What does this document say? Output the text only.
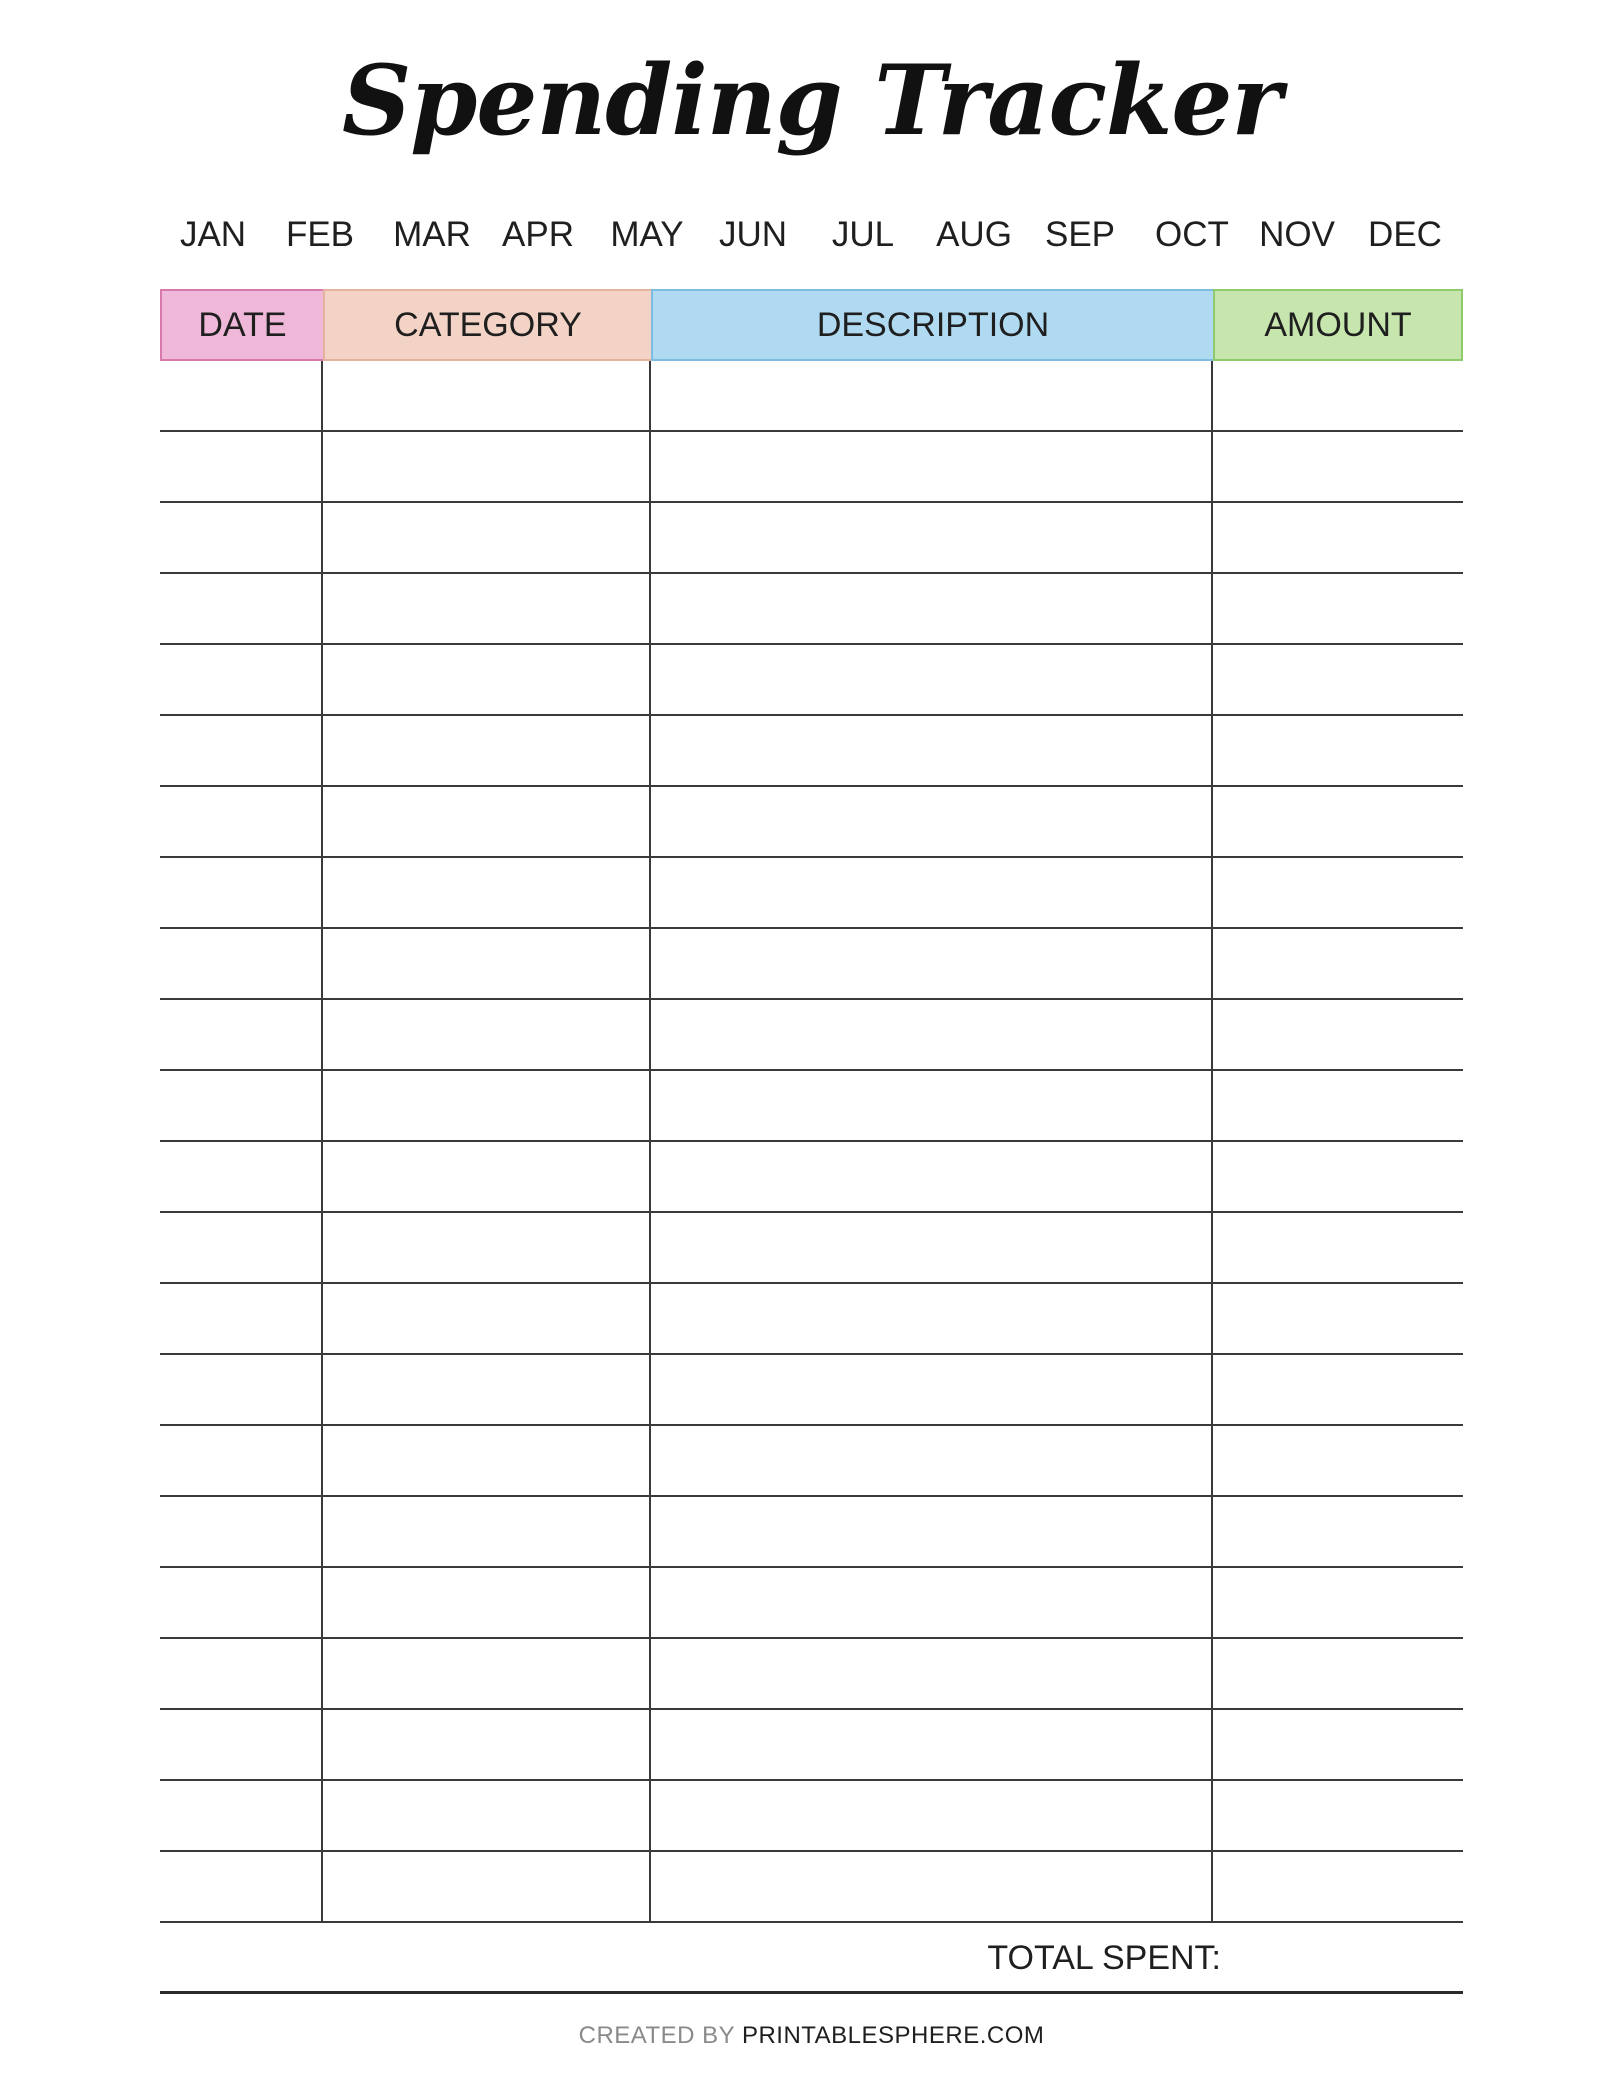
Spending Tracker
JAN FEB MAR APR MAY JUN JUL AUG SEP OCT NOV DEC
DATE	CATEGORY	DESCRIPTION	AMOUNT
TOTAL SPENT:
CREATED BY PRINTABLESPHERE.COM
